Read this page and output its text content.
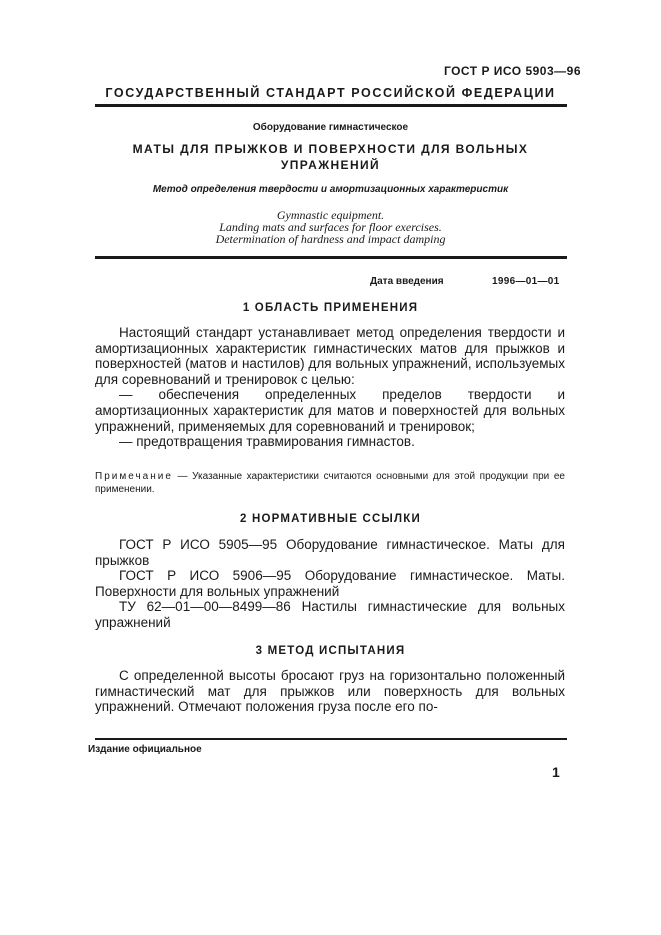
ГОСТ Р ИСО 5903—96
ГОСУДАРСТВЕННЫЙ СТАНДАРТ РОССИЙСКОЙ ФЕДЕРАЦИИ
Оборудование гимнастическое
МАТЫ ДЛЯ ПРЫЖКОВ И ПОВЕРХНОСТИ ДЛЯ ВОЛЬНЫХ
УПРАЖНЕНИЙ
Метод определения твердости и амортизационных характеристик
Gymnastic equipment.
Landing mats and surfaces for floor exercises.
Determination of hardness and impact damping
Дата введения	1996—01—01
1 ОБЛАСТЬ ПРИМЕНЕНИЯ

Настоящий стандарт устанавливает метод определения твердости и амортизационных характеристик гимнастических матов для прыжков и поверхностей (матов и настилов) для вольных упражнений, используемых для соревнований и тренировок с целью:

— обеспечения определенных пределов твердости и амортизационных характеристик для матов и поверхностей для вольных упражнений, применяемых для соревнований и тренировок;

— предотвращения травмирования гимнастов.

Примечание — Указанные характеристики считаются основными для этой продукции при ее применении.
2 НОРМАТИВНЫЕ ССЫЛКИ

ГОСТ Р ИСО 5905—95 Оборудование гимнастическое. Маты для прыжков

ГОСТ Р ИСО 5906—95 Оборудование гимнастическое. Маты. Поверхности для вольных упражнений

ТУ 62—01—00—8499—86 Настилы гимнастические для вольных упражнений

3 МЕТОД ИСПЫТАНИЯ

С определенной высоты бросают груз на горизонтально положенный гимнастический мат для прыжков или поверхность для вольных упражнений. Отмечают положения груза после его по-

Издание официальное
1
